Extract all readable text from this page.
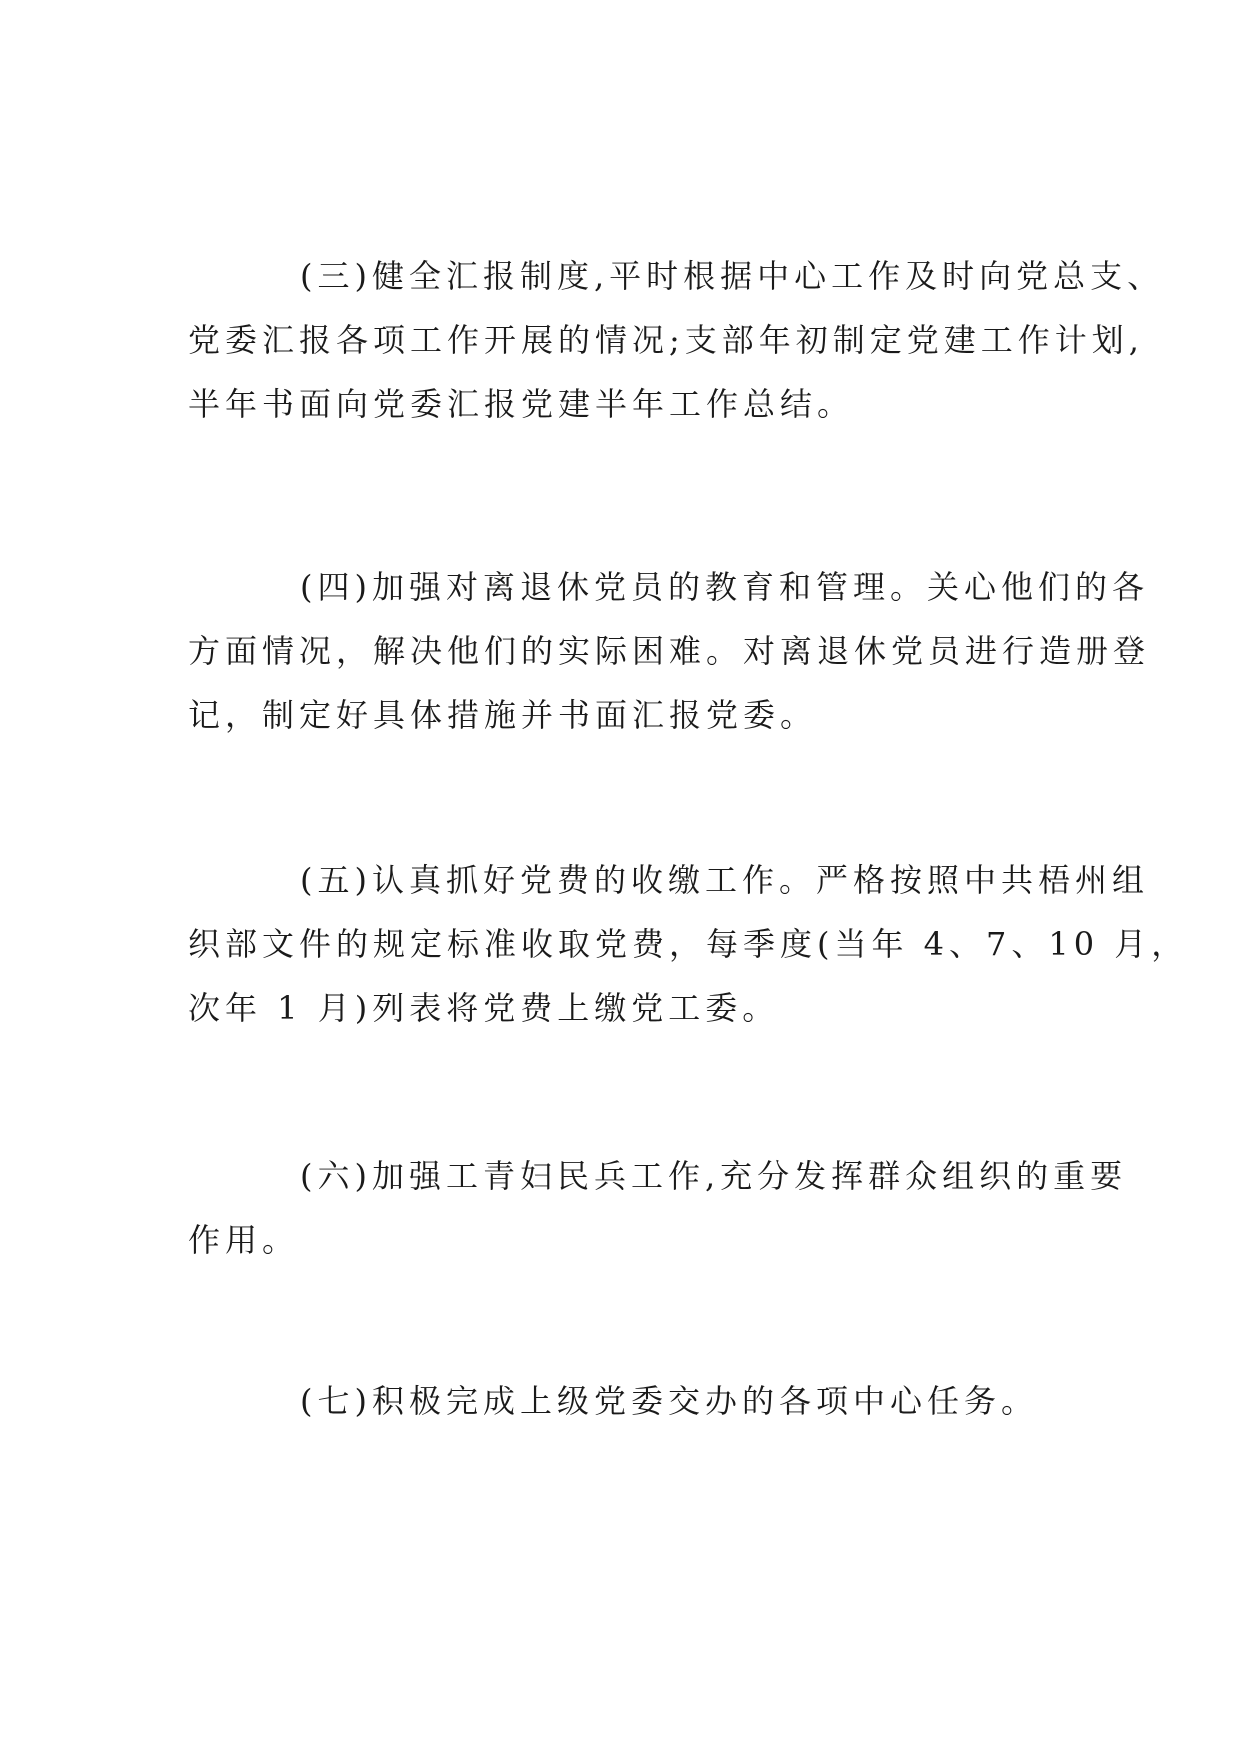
(三)健全汇报制度,平时根据中心工作及时向党总支、
党委汇报各项工作开展的情况;支部年初制定党建工作计划,
半年书面向党委汇报党建半年工作总结。
(四)加强对离退休党员的教育和管理。关心他们的各
方面情况，解决他们的实际困难。对离退休党员进行造册登
记，制定好具体措施并书面汇报党委。
(五)认真抓好党费的收缴工作。严格按照中共梧州组
织部文件的规定标准收取党费，每季度(当年 4、7、10 月，
次年 1 月)列表将党费上缴党工委。
(六)加强工青妇民兵工作,充分发挥群众组织的重要
作用。
(七)积极完成上级党委交办的各项中心任务。
